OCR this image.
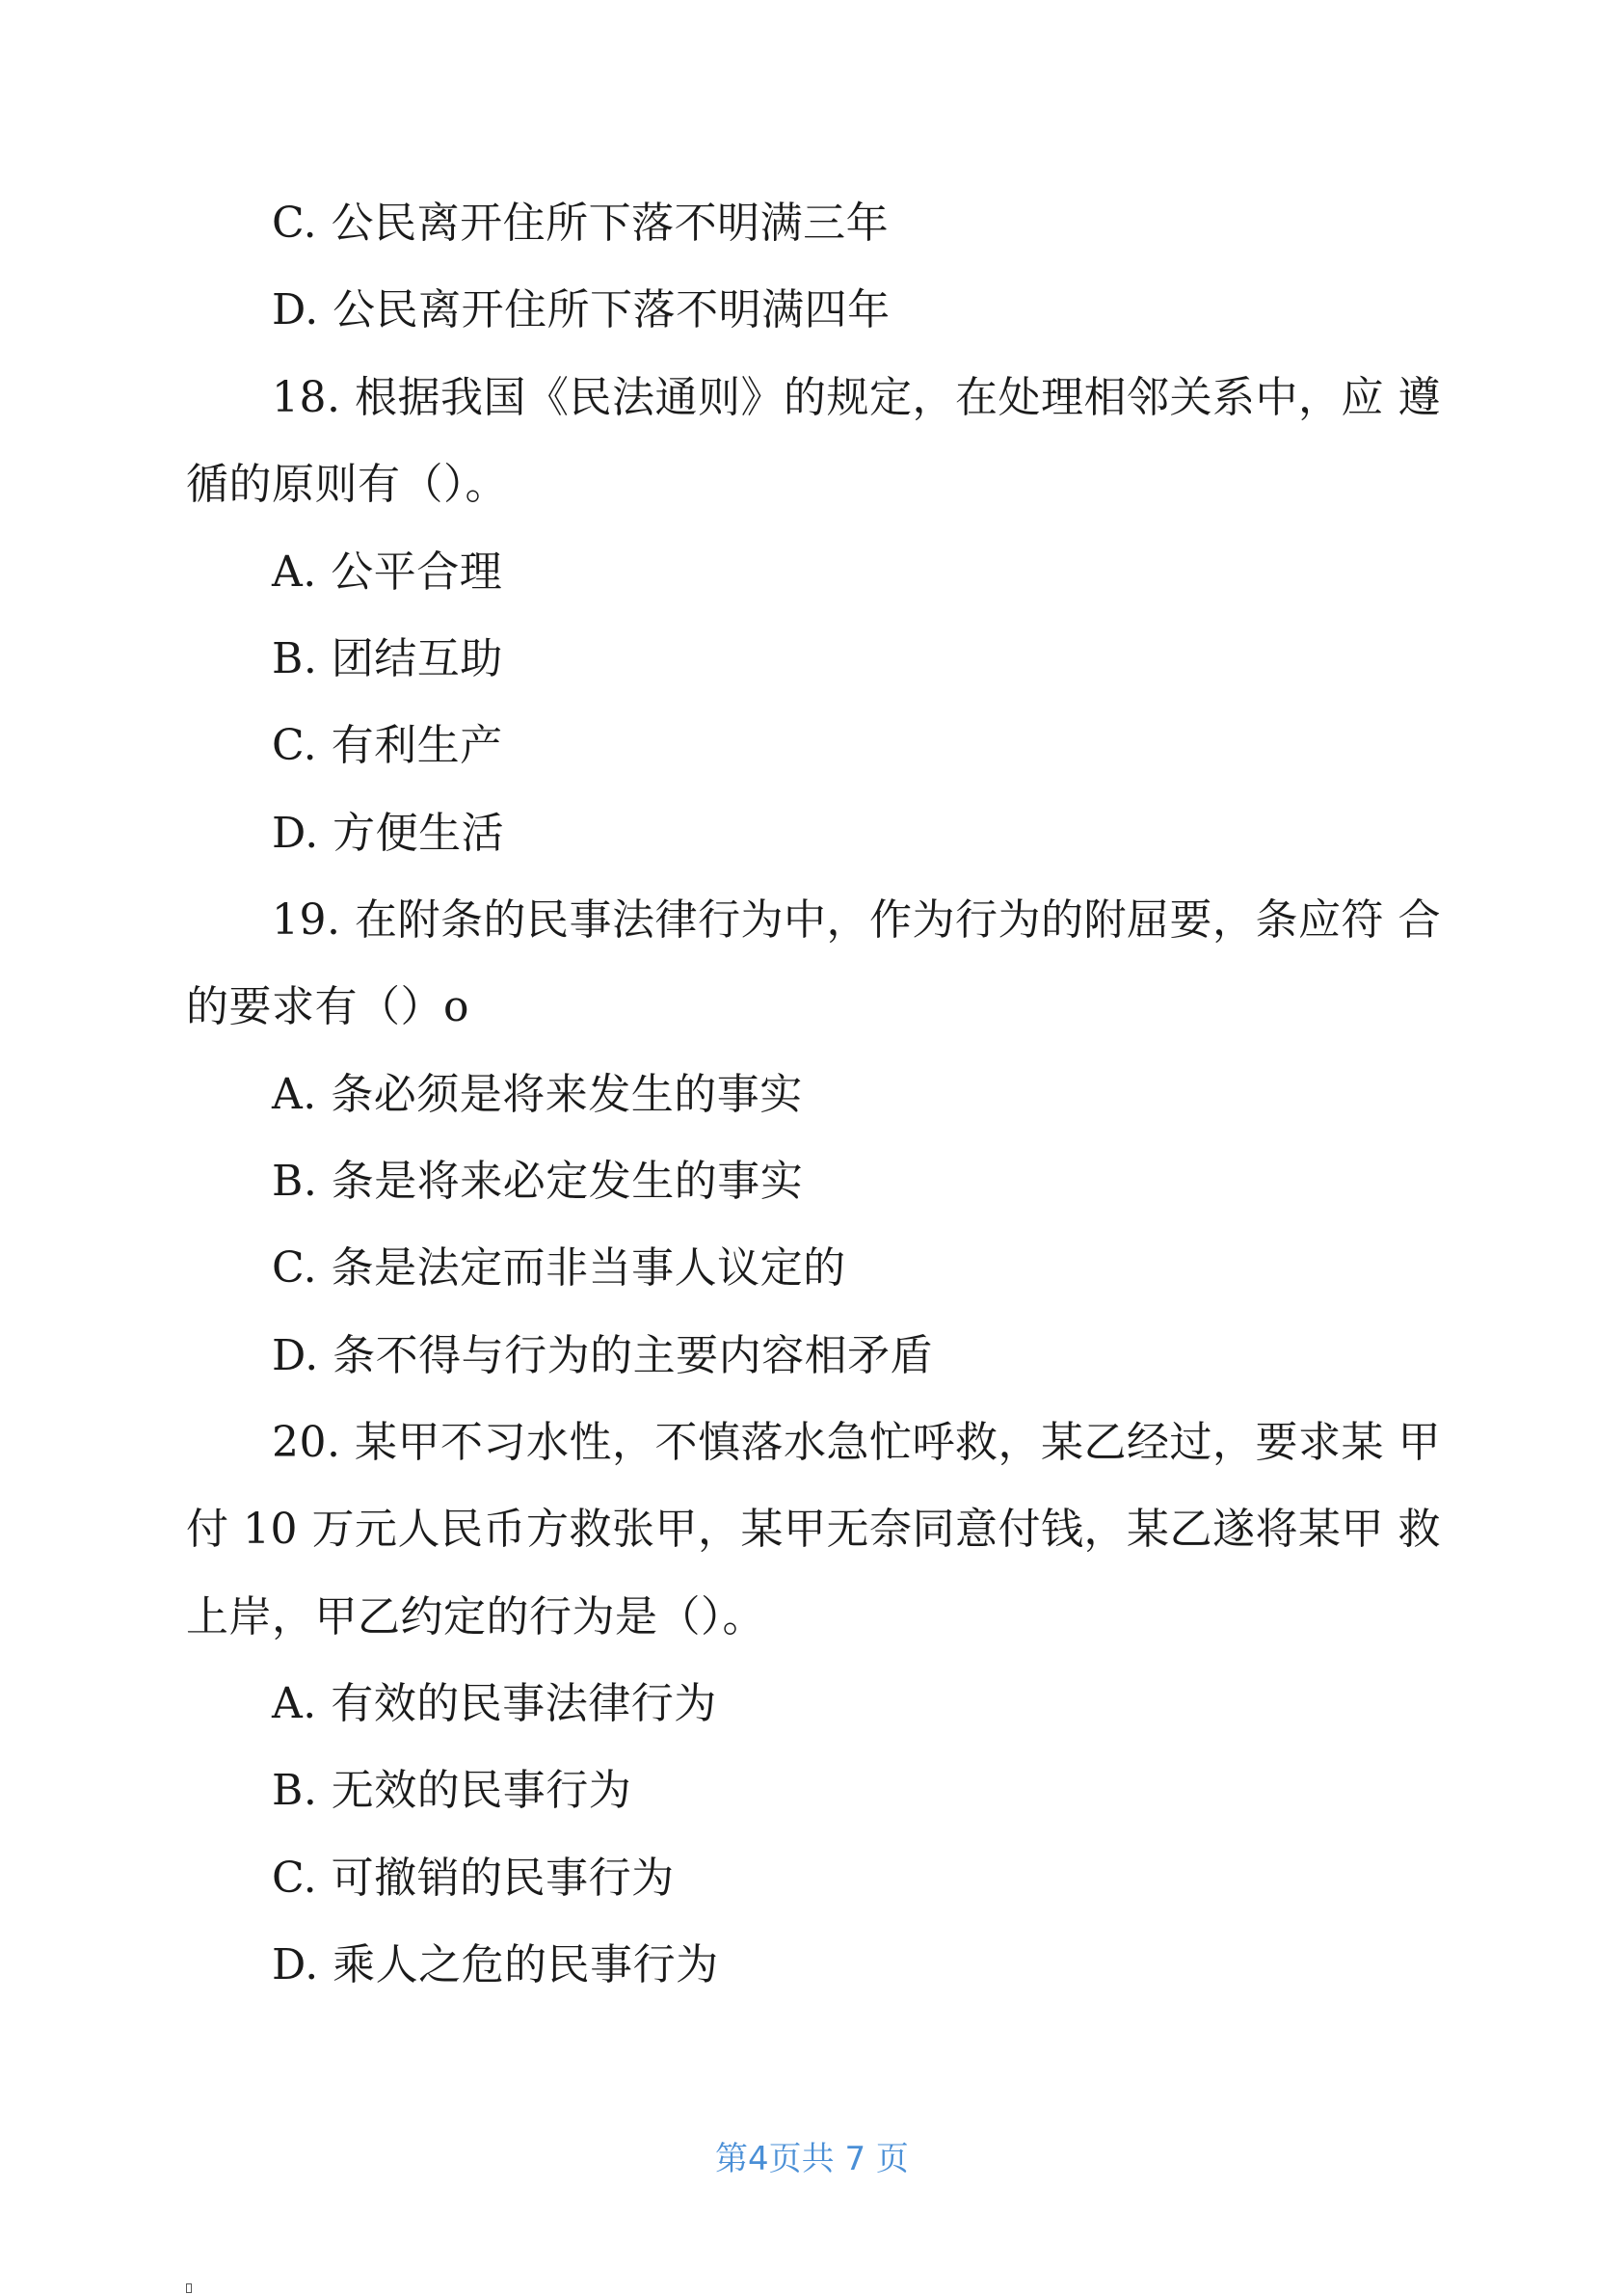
C. 公民离开住所下落不明满三年
D. 公民离开住所下落不明满四年
18. 根据我国《民法通则》的规定，在处理相邻关系中，应 遵
循的原则有（）。
A. 公平合理
B. 团结互助
C. 有利生产
D. 方便生活
19. 在附条的民事法律行为中，作为行为的附屈要，条应符 合
的要求有（）o
A. 条必须是将来发生的事实
B. 条是将来必定发生的事实
C. 条是法定而非当事人议定的
D. 条不得与行为的主要内容相矛盾
20. 某甲不习水性，不慎落水急忙呼救，某乙经过，要求某 甲
付 10 万元人民币方救张甲，某甲无奈同意付钱，某乙遂将某甲 救
上岸，甲乙约定的行为是（）。
A. 有效的民事法律行为
B. 无效的民事行为
C. 可撤销的民事行为
D. 乘人之危的民事行为
第4页共 7 页
